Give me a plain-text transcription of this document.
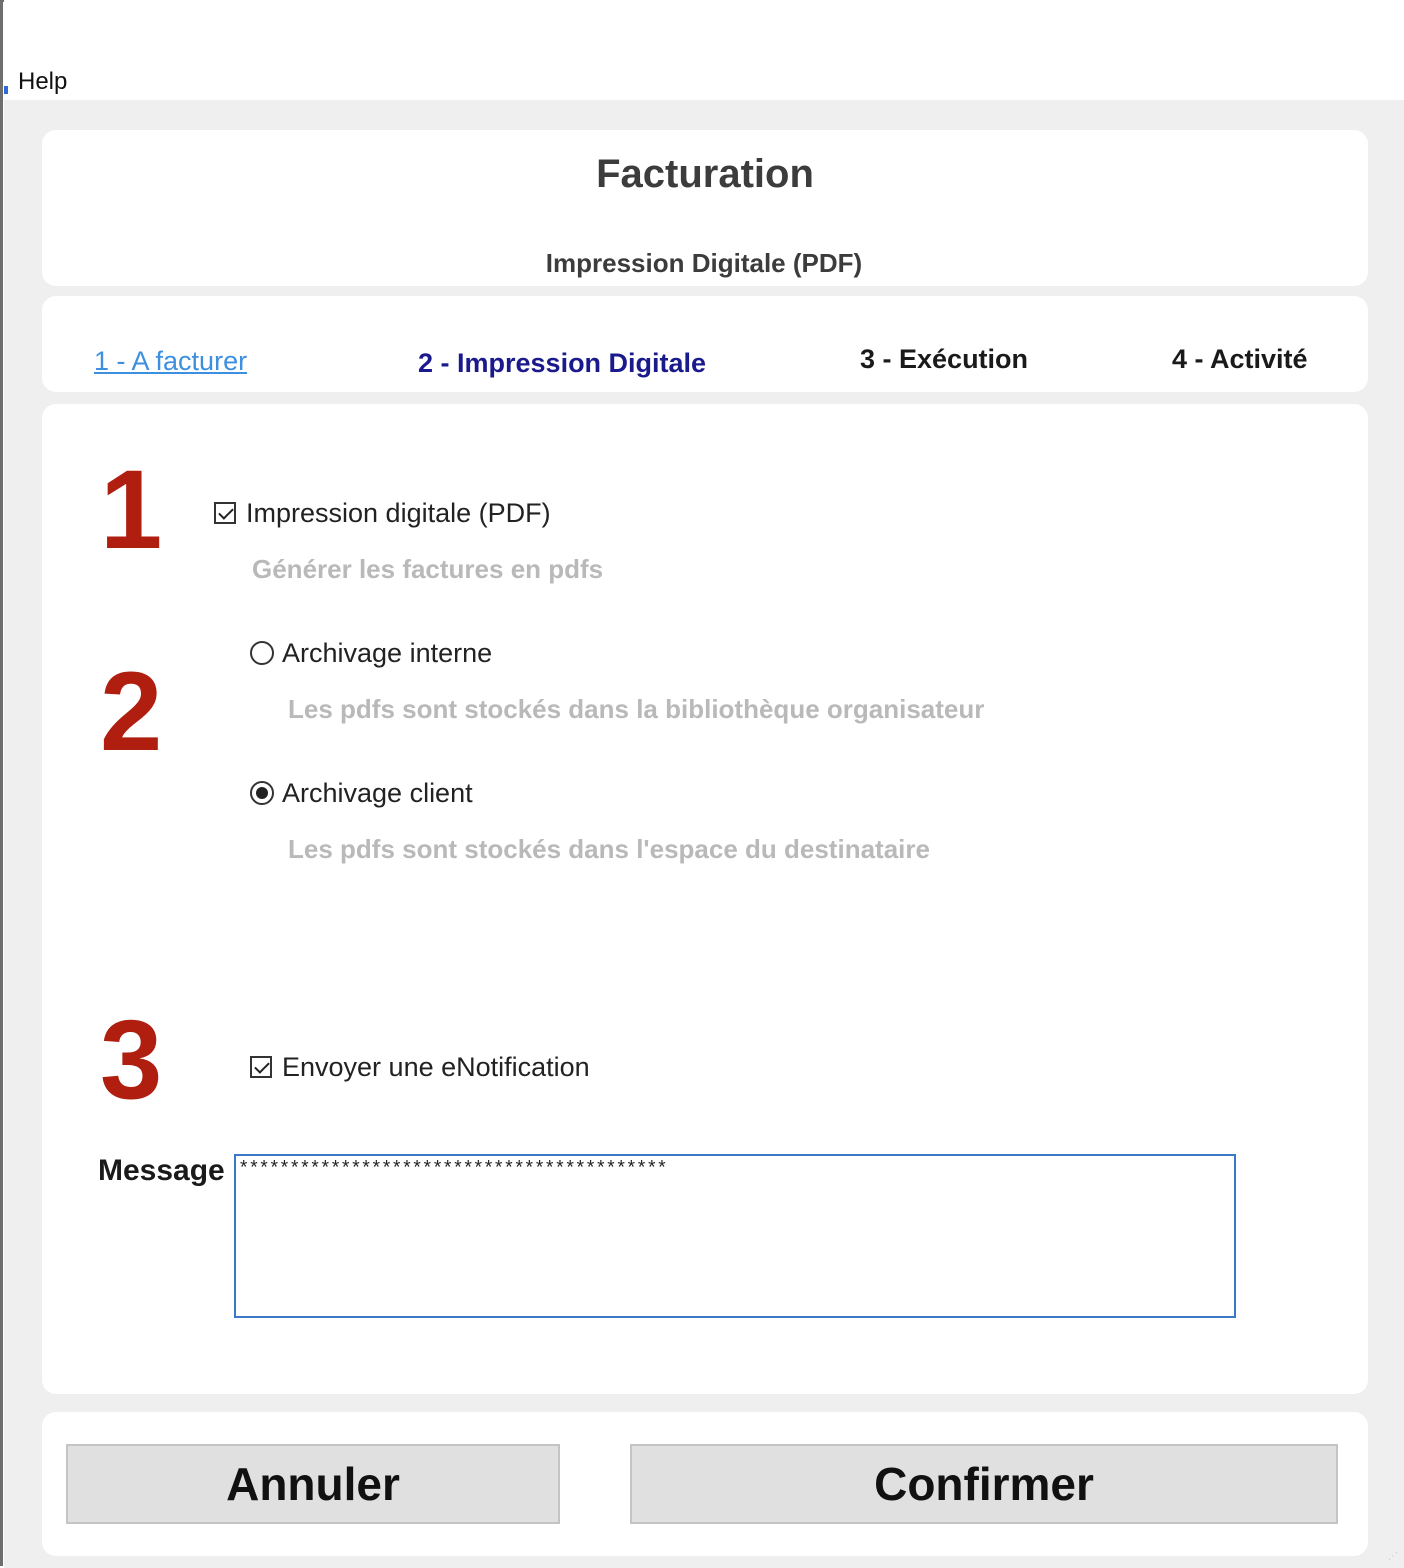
Help
Facturation
Impression Digitale (PDF)
1 - A facturer	2 - Impression Digitale	3 - Exécution	4 - Activité
1
2
3
Impression digitale (PDF)
Générer les factures en pdfs
Archivage interne
Les pdfs sont stockés dans la bibliothèque organisateur
Archivage client
Les pdfs sont stockés dans l'espace du destinataire
Envoyer une eNotification
Message ******************************************
Annuler	Confirmer
⋰
